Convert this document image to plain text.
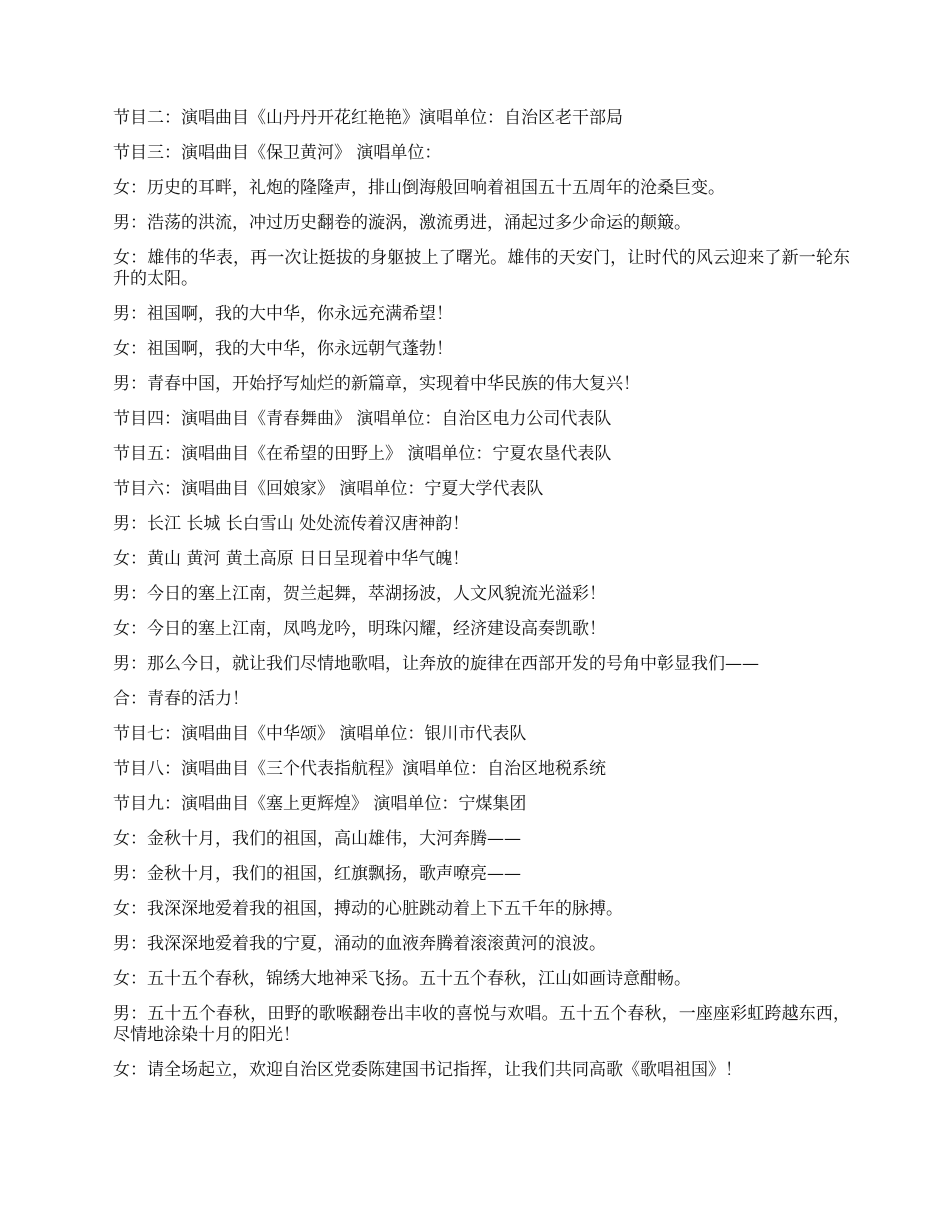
节目二：演唱曲目《山丹丹开花红艳艳》演唱单位：自治区老干部局

节目三：演唱曲目《保卫黄河》 演唱单位：

女：历史的耳畔，礼炮的隆隆声，排山倒海般回响着祖国五十五周年的沧桑巨变。

男：浩荡的洪流，冲过历史翻卷的漩涡，激流勇进，涌起过多少命运的颠簸。

女：雄伟的华表，再一次让挺拔的身躯披上了曙光。雄伟的天安门，让时代的风云迎来了新一轮东升的太阳。

男：祖国啊，我的大中华，你永远充满希望！

女：祖国啊，我的大中华，你永远朝气蓬勃！

男：青春中国，开始抒写灿烂的新篇章，实现着中华民族的伟大复兴！

节目四：演唱曲目《青春舞曲》 演唱单位：自治区电力公司代表队

节目五：演唱曲目《在希望的田野上》 演唱单位：宁夏农垦代表队

节目六：演唱曲目《回娘家》 演唱单位：宁夏大学代表队

男：长江 长城 长白雪山 处处流传着汉唐神韵！

女：黄山 黄河 黄土高原 日日呈现着中华气魄！

男：今日的塞上江南，贺兰起舞，萃湖扬波，人文风貌流光溢彩！

女：今日的塞上江南，凤鸣龙吟，明珠闪耀，经济建设高奏凯歌！

男：那么今日，就让我们尽情地歌唱，让奔放的旋律在西部开发的号角中彰显我们——

合：青春的活力！

节目七：演唱曲目《中华颂》 演唱单位：银川市代表队

节目八：演唱曲目《三个代表指航程》演唱单位：自治区地税系统

节目九：演唱曲目《塞上更辉煌》 演唱单位：宁煤集团

女：金秋十月，我们的祖国，高山雄伟，大河奔腾——

男：金秋十月，我们的祖国，红旗飘扬，歌声嘹亮——

女：我深深地爱着我的祖国，搏动的心脏跳动着上下五千年的脉搏。

男：我深深地爱着我的宁夏，涌动的血液奔腾着滚滚黄河的浪波。

女：五十五个春秋，锦绣大地神采飞扬。五十五个春秋，江山如画诗意酣畅。

男：五十五个春秋，田野的歌喉翻卷出丰收的喜悦与欢唱。五十五个春秋，一座座彩虹跨越东西，尽情地涂染十月的阳光！

女：请全场起立，欢迎自治区党委陈建国书记指挥，让我们共同高歌《歌唱祖国》！
